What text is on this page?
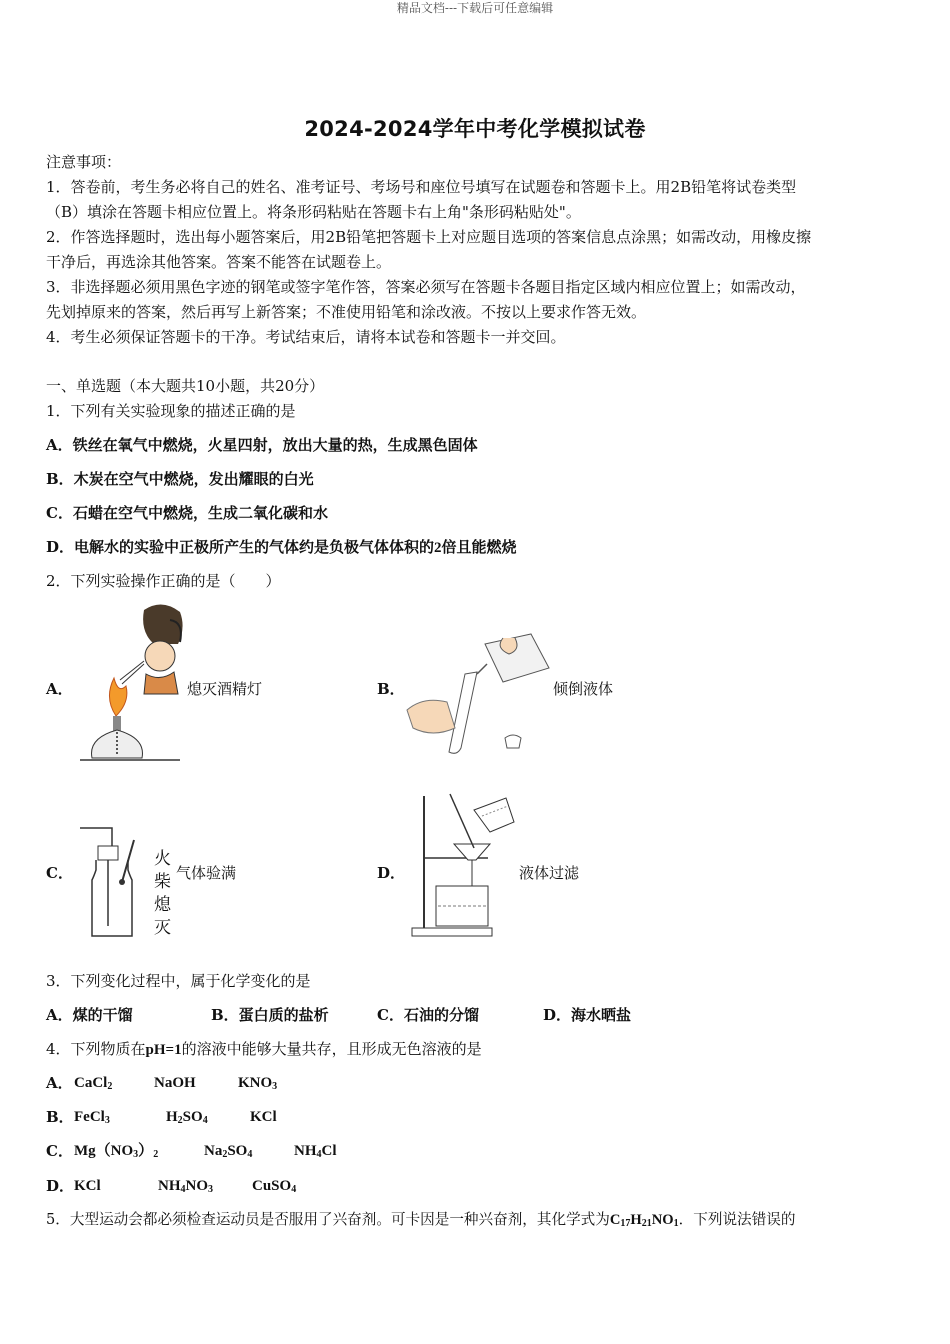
精品文档---下载后可任意编辑
2024-2024学年中考化学模拟试卷
注意事项：
1．答卷前，考生务必将自己的姓名、准考证号、考场号和座位号填写在试题卷和答题卡上。用2B铅笔将试卷类型
（B）填涂在答题卡相应位置上。将条形码粘贴在答题卡右上角"条形码粘贴处"。
2．作答选择题时，选出每小题答案后，用2B铅笔把答题卡上对应题目选项的答案信息点涂黑；如需改动，用橡皮擦
干净后，再选涂其他答案。答案不能答在试题卷上。
3．非选择题必须用黑色字迹的钢笔或签字笔作答，答案必须写在答题卡各题目指定区域内相应位置上；如需改动，
先划掉原来的答案，然后再写上新答案；不准使用铅笔和涂改液。不按以上要求作答无效。
4．考生必须保证答题卡的干净。考试结束后，请将本试卷和答题卡一并交回。
一、单选题（本大题共10小题，共20分）
1．下列有关实验现象的描述正确的是
A．铁丝在氧气中燃烧，火星四射，放出大量的热，生成黑色固体
B．木炭在空气中燃烧，发出耀眼的白光
C．石蜡在空气中燃烧，生成二氧化碳和水
D．电解水的实验中正极所产生的气体约是负极气体体积的2倍且能燃烧
2．下列实验操作正确的是（　　）
A．	熄灭酒精灯	B．	倾倒液体
C．
火
柴
熄
灭
气体验满	D．	液体过滤
3．下列变化过程中，属于化学变化的是
A．煤的干馏	B．蛋白质的盐析	C．石油的分馏	D．海水晒盐
4．下列物质在pH=1的溶液中能够大量共存，且形成无色溶液的是
A． CaCl$_2$	NaOH	$KNO_3$
B． FeCl$_3$	$H_2SO_4$	KCl
C． $Mg(NO_3)_2$	$Na_2SO_4$	$NH_4Cl$
D． KCl	$NH_4NO_3$	CuSO$_4$
5．大型运动会都必须检查运动员是否服用了兴奋剂。可卡因是一种兴奋剂，其化学式为$C_{17}H_{21}NO_1$．下列说法错误的
